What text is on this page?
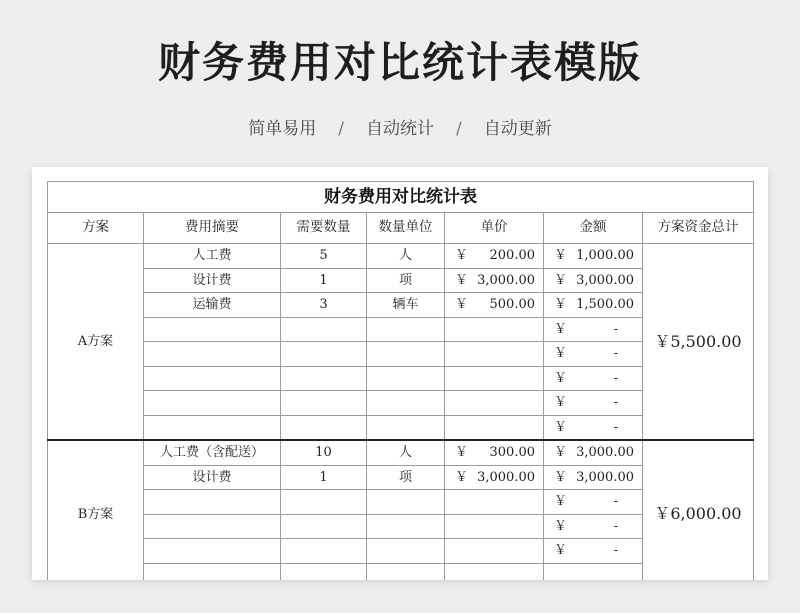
财务费用对比统计表模版
简单易用 / 自动统计 / 自动更新
财务费用对比统计表						
方案	费用摘要	需要数量	数量单位	单价	金额	方案资金总计
A方案	人工费	5	人	￥ 200.00	￥ 1,000.00	￥5,500.00
	设计费	1	项	￥ 3,000.00	￥ 3,000.00	

	运输费	3	辆车	￥ 500.00	￥ 1,500.00	

					￥ -	

					￥ -	

					￥ -	

					￥ -	

					￥ -	

B方案	人工费（含配送）	10	人	￥ 300.00	￥ 3,000.00	￥6,000.00
	设计费	1	项	￥ 3,000.00	￥ 3,000.00	

					￥ -	

					￥ -	

					￥ -	
